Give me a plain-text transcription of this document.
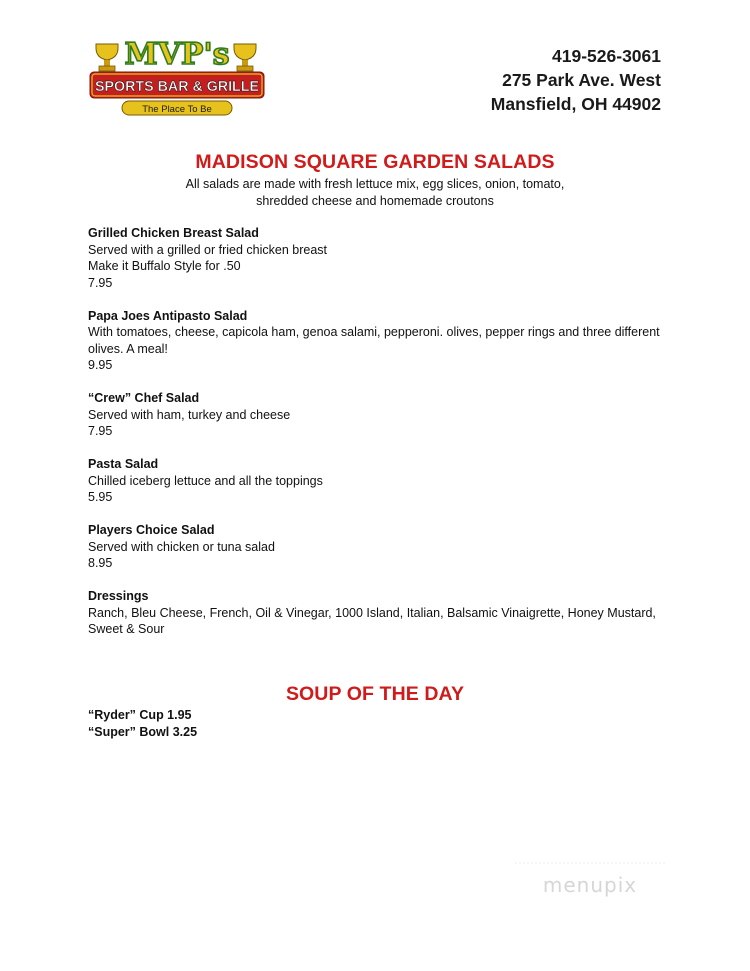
MVP's
SPORTS BAR & GRILLE
The Place To Be
419-526-3061
275 Park Ave. West
Mansfield, OH 44902
MADISON SQUARE GARDEN SALADS
All salads are made with fresh lettuce mix, egg slices, onion, tomato,
shredded cheese and homemade croutons
Grilled Chicken Breast Salad
Served with a grilled or fried chicken breast
Make it Buffalo Style for .50
7.95
Papa Joes Antipasto Salad
With tomatoes, cheese, capicola ham, genoa salami, pepperoni. olives, pepper rings and three different olives. A meal!
9.95
“Crew” Chef Salad
Served with ham, turkey and cheese
7.95
Pasta Salad
Chilled iceberg lettuce and all the toppings
5.95
Players Choice Salad
Served with chicken or tuna salad
8.95
Dressings
Ranch, Bleu Cheese, French, Oil & Vinegar, 1000 Island, Italian, Balsamic Vinaigrette, Honey Mustard, Sweet & Sour
SOUP OF THE DAY
“Ryder” Cup 1.95
“Super” Bowl 3.25
menupix
